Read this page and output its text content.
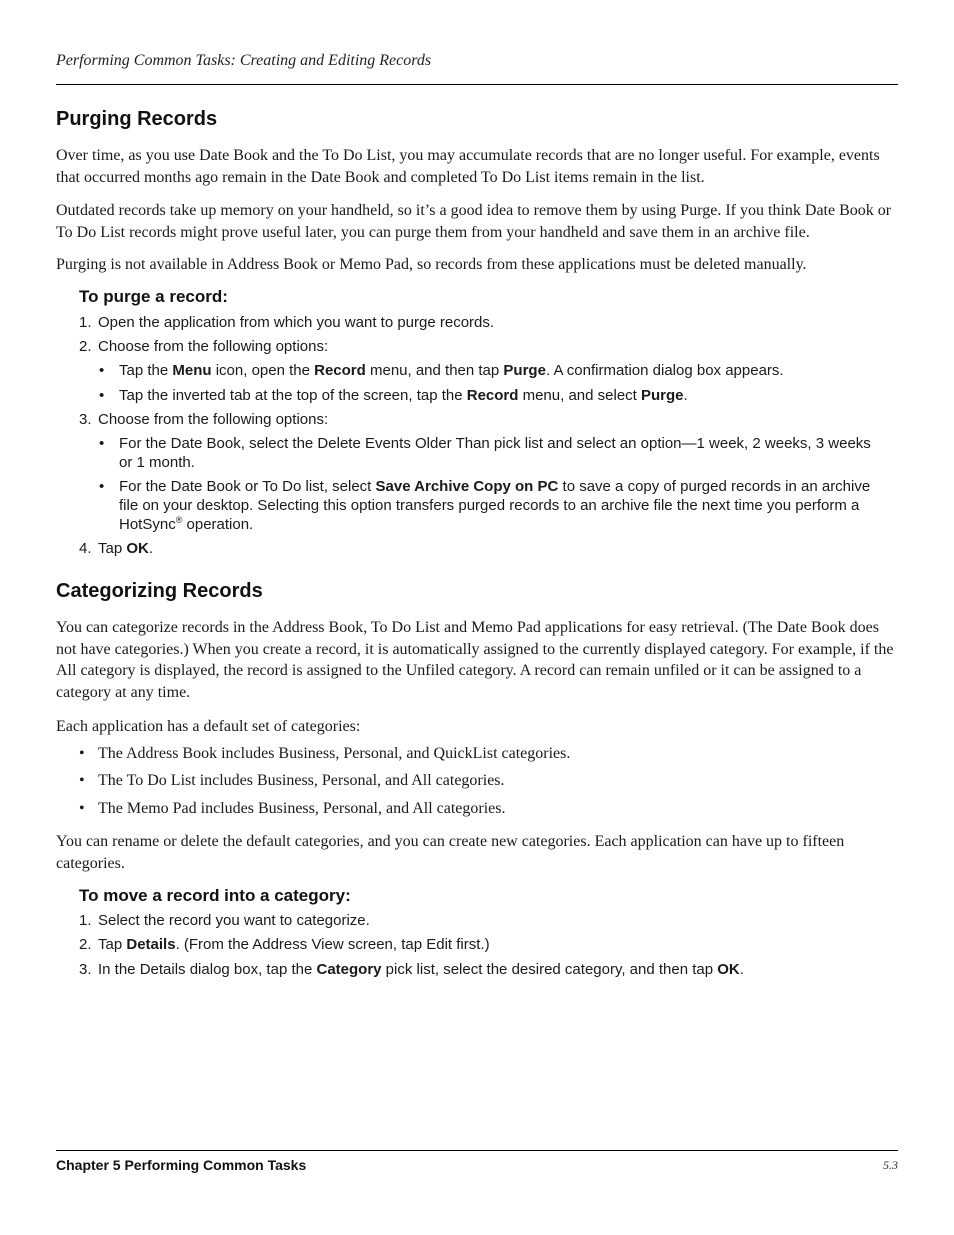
Performing Common Tasks: Creating and Editing Records
Purging Records

Over time, as you use Date Book and the To Do List, you may accumulate records that are no longer useful. For example, events that occurred months ago remain in the Date Book and completed To Do List items remain in the list.

Outdated records take up memory on your handheld, so it’s a good idea to remove them by using Purge. If you think Date Book or To Do List records might prove useful later, you can purge them from your handheld and save them in an archive file.

Purging is not available in Address Book or Memo Pad, so records from these applications must be deleted manually.

To purge a record:

1. Open the application from which you want to purge records.

2. Choose from the following options:

• Tap the Menu icon, open the Record menu, and then tap Purge. A confirmation dialog box appears.

• Tap the inverted tab at the top of the screen, tap the Record menu, and select Purge.

3. Choose from the following options:

• For the Date Book, select the Delete Events Older Than pick list and select an option—1 week, 2 weeks, 3 weeks or 1 month.

• For the Date Book or To Do list, select Save Archive Copy on PC to save a copy of purged records in an archive file on your desktop. Selecting this option transfers purged records to an archive file the next time you perform a HotSync® operation.

4. Tap OK.

Categorizing Records

You can categorize records in the Address Book, To Do List and Memo Pad applications for easy retrieval. (The Date Book does not have categories.) When you create a record, it is automatically assigned to the currently displayed category. For example, if the All category is displayed, the record is assigned to the Unfiled category. A record can remain unfiled or it can be assigned to a category at any time.

Each application has a default set of categories:

• The Address Book includes Business, Personal, and QuickList categories.

• The To Do List includes Business, Personal, and All categories.

• The Memo Pad includes Business, Personal, and All categories.

You can rename or delete the default categories, and you can create new categories. Each application can have up to fifteen categories.

To move a record into a category:

1. Select the record you want to categorize.

2. Tap Details. (From the Address View screen, tap Edit first.)

3. In the Details dialog box, tap the Category pick list, select the desired category, and then tap OK.

Chapter 5 Performing Common Tasks	5.3
